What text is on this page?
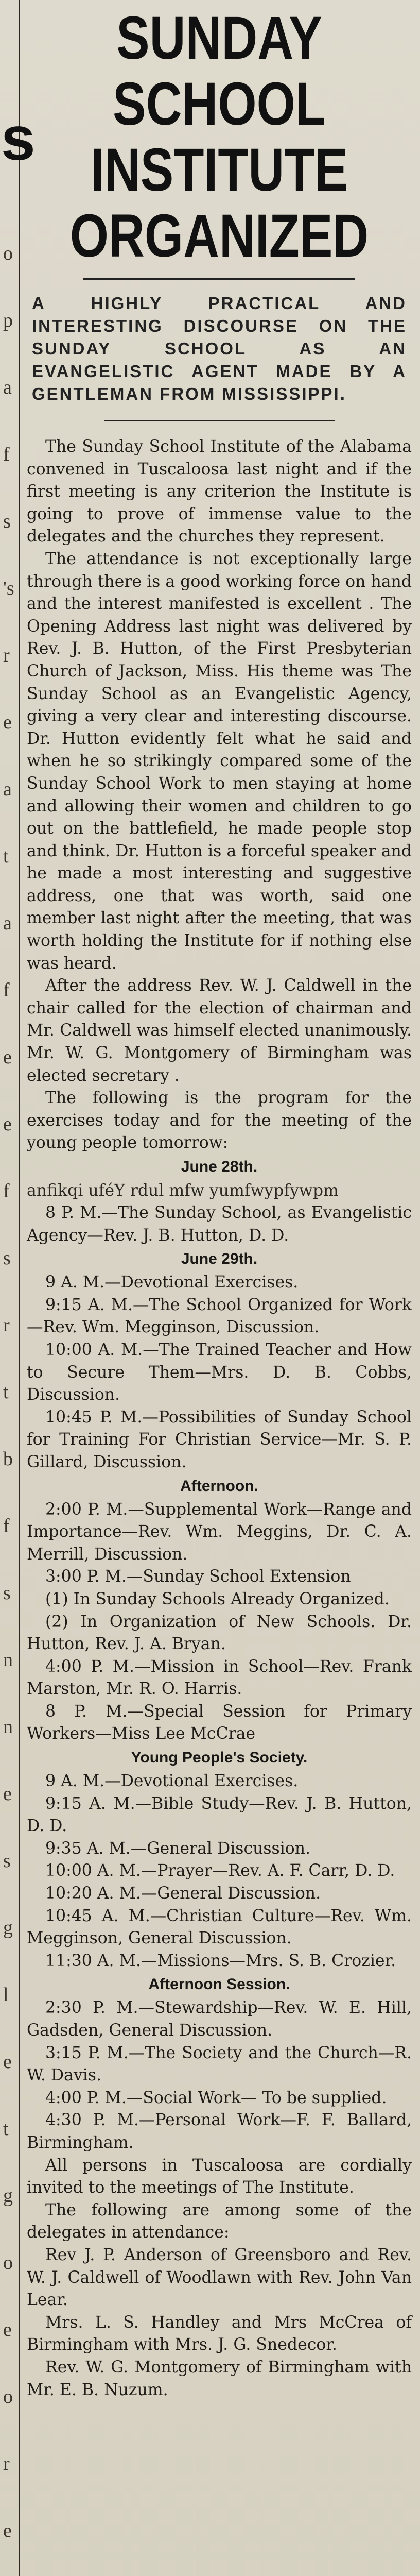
s
o
p
a
f
s
's
r
e
a
t
a
f
e
e
f
s
r
t
b
f
s
n
n
e
s
g
l
e
t
g
o
e
o
r
e
SUNDAY SCHOOL
INSTITUTE ORGANIZED
A HIGHLY PRACTICAL AND INTERESTING DISCOURSE ON THE SUNDAY SCHOOL AS AN EVANGELISTIC AGENT MADE BY A GENTLEMAN FROM MISSISSIPPI.

The Sunday School Institute of the Alabama convened in Tuscaloosa last night and if the first meeting is any criterion the Institute is going to prove of immense value to the delegates and the churches they represent.

The attendance is not exceptionally large through there is a good working force on hand and the interest manifested is excellent . The Opening Address last night was delivered by Rev. J. B. Hutton, of the First Presbyterian Church of Jackson, Miss. His theme was The Sunday School as an Evangelistic Agency, giving a very clear and interesting discourse. Dr. Hutton evidently felt what he said and when he so strikingly compared some of the Sunday School Work to men staying at home and allowing their women and children to go out on the battlefield, he made people stop and think. Dr. Hutton is a forceful speaker and he made a most interesting and suggestive address, one that was worth, said one member last night after the meeting, that was worth holding the Institute for if nothing else was heard.

After the address Rev. W. J. Caldwell in the chair called for the election of chairman and Mr. Caldwell was himself elected unanimously. Mr. W. G. Montgomery of Birmingham was elected secretary .

The following is the program for the exercises today and for the meeting of the young people tomorrow:

June 28th.
anfikqi uféY rdul mfw yumfwypfywpm

8 P. M.—The Sunday School, as Evangelistic Agency—Rev. J. B. Hutton, D. D.

June 29th.

9 A. M.—Devotional Exercises.

9:15 A. M.—The School Organized for Work—Rev. Wm. Megginson, Discussion.

10:00 A. M.—The Trained Teacher and How to Secure Them—Mrs. D. B. Cobbs, Discussion.

10:45 P. M.—Possibilities of Sunday School for Training For Christian Service—Mr. S. P. Gillard, Discussion.

Afternoon.

2:00 P. M.—Supplemental Work—Range and Importance—Rev. Wm. Meggins, Dr. C. A. Merrill, Discussion.

3:00 P. M.—Sunday School Extension

(1) In Sunday Schools Already Organized.

(2) In Organization of New Schools. Dr. Hutton, Rev. J. A. Bryan.

4:00 P. M.—Mission in School—Rev. Frank Marston, Mr. R. O. Harris.

8 P. M.—Special Session for Primary Workers—Miss Lee McCrae

Young People's Society.

9 A. M.—Devotional Exercises.

9:15 A. M.—Bible Study—Rev. J. B. Hutton, D. D.

9:35 A. M.—General Discussion.

10:00 A. M.—Prayer—Rev. A. F. Carr, D. D.

10:20 A. M.—General Discussion.

10:45 A. M.—Christian Culture—Rev. Wm. Megginson, General Discussion.

11:30 A. M.—Missions—Mrs. S. B. Crozier.

Afternoon Session.

2:30 P. M.—Stewardship—Rev. W. E. Hill, Gadsden, General Discussion.

3:15 P. M.—The Society and the Church—R. W. Davis.

4:00 P. M.—Social Work— To be supplied.

4:30 P. M.—Personal Work—F. F. Ballard, Birmingham.

All persons in Tuscaloosa are cordially invited to the meetings of The Institute.

The following are among some of the delegates in attendance:

Rev J. P. Anderson of Greensboro and Rev. W. J. Caldwell of Woodlawn with Rev. John Van Lear.

Mrs. L. S. Handley and Mrs McCrea of Birmingham with Mrs. J. G. Snedecor.

Rev. W. G. Montgomery of Birmingham with Mr. E. B. Nuzum.
